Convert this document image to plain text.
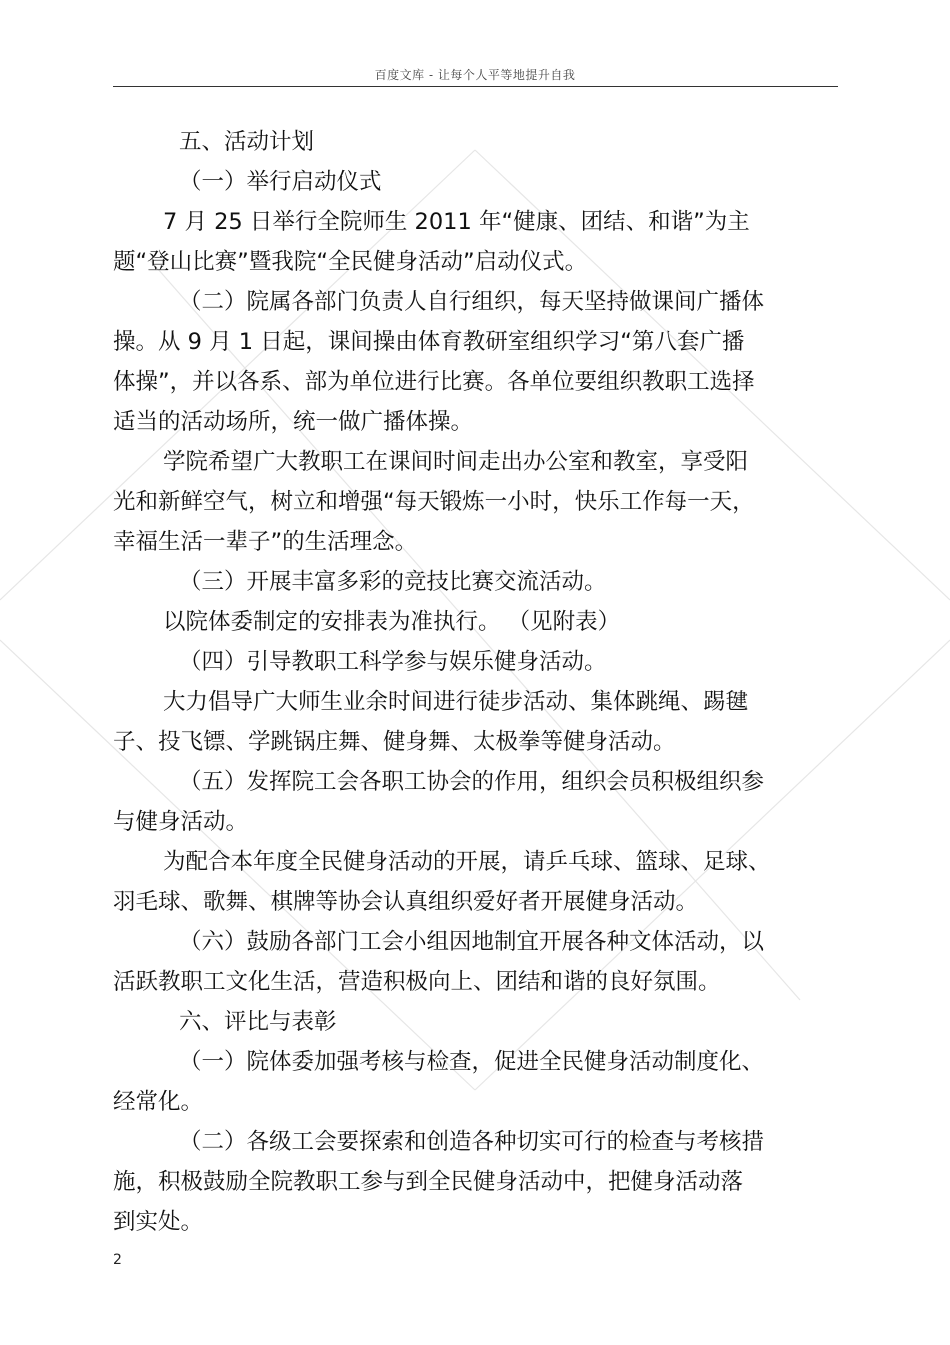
百度文库 - 让每个人平等地提升自我
五、活动计划
（一）举行启动仪式
7 月 25 日举行全院师生 2011 年“健康、团结、和谐”为主
题“登山比赛”暨我院“全民健身活动”启动仪式。
（二）院属各部门负责人自行组织，每天坚持做课间广播体
操。从 9 月 1 日起，课间操由体育教研室组织学习“第八套广播
体操”，并以各系、部为单位进行比赛。各单位要组织教职工选择
适当的活动场所，统一做广播体操。
学院希望广大教职工在课间时间走出办公室和教室，享受阳
光和新鲜空气，树立和增强“每天锻炼一小时，快乐工作每一天，
幸福生活一辈子”的生活理念。
（三）开展丰富多彩的竞技比赛交流活动。
以院体委制定的安排表为准执行。 （见附表）
（四）引导教职工科学参与娱乐健身活动。
大力倡导广大师生业余时间进行徒步活动、集体跳绳、踢毽
子、投飞镖、学跳锅庄舞、健身舞、太极拳等健身活动。
（五）发挥院工会各职工协会的作用，组织会员积极组织参
与健身活动。
为配合本年度全民健身活动的开展，请乒乓球、篮球、足球、
羽毛球、歌舞、棋牌等协会认真组织爱好者开展健身活动。
（六）鼓励各部门工会小组因地制宜开展各种文体活动，以
活跃教职工文化生活，营造积极向上、团结和谐的良好氛围。
六、评比与表彰
（一）院体委加强考核与检查，促进全民健身活动制度化、
经常化。
（二）各级工会要探索和创造各种切实可行的检查与考核措
施，积极鼓励全院教职工参与到全民健身活动中，把健身活动落
到实处。
2
